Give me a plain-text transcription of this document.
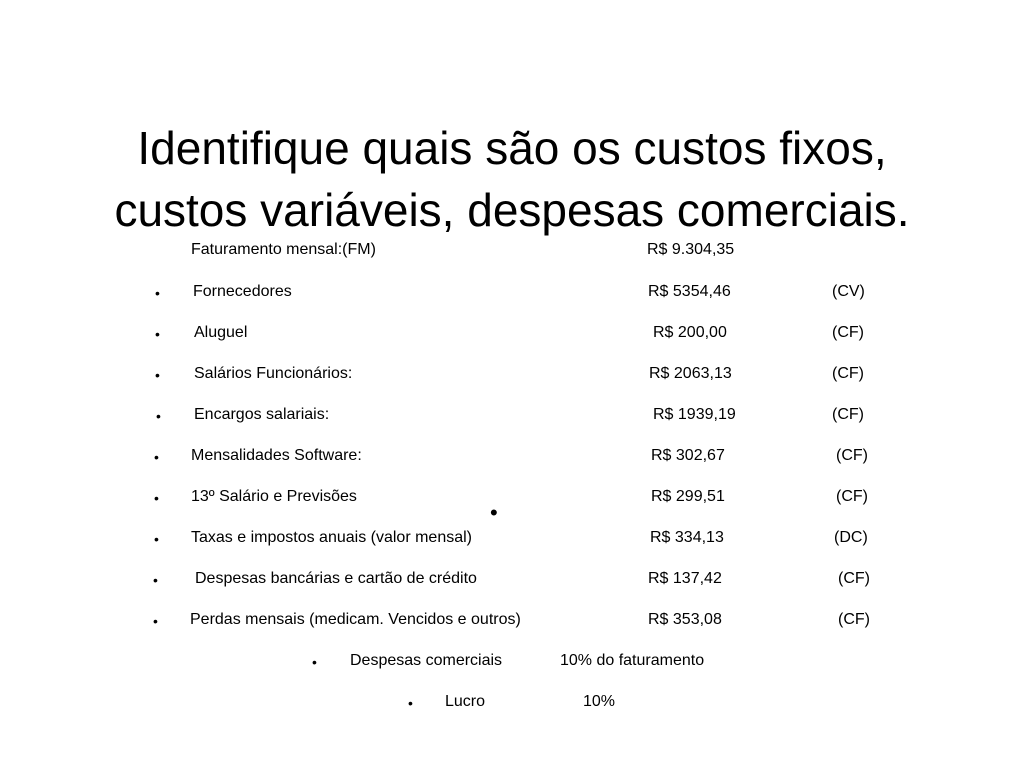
Identifique quais são os custos fixos,
custos variáveis, despesas comerciais.
Faturamento mensal:(FM)	R$ 9.304,35
• Fornecedores	R$ 5354,46	(CV)
• Aluguel	R$ 200,00	(CF)
• Salários Funcionários:	R$ 2063,13	(CF)
• Encargos salariais:	R$ 1939,19	(CF)
• Mensalidades Software:	R$ 302,67	(CF)
• 13º Salário e Previsões	R$ 299,51	(CF)
•
• Taxas e impostos anuais (valor mensal)	R$ 334,13	(DC)
• Despesas bancárias e cartão de crédito	R$ 137,42	(CF)
• Perdas mensais (medicam. Vencidos e outros)	R$ 353,08	(CF)
• Despesas comerciais	10% do faturamento
• Lucro	10%
